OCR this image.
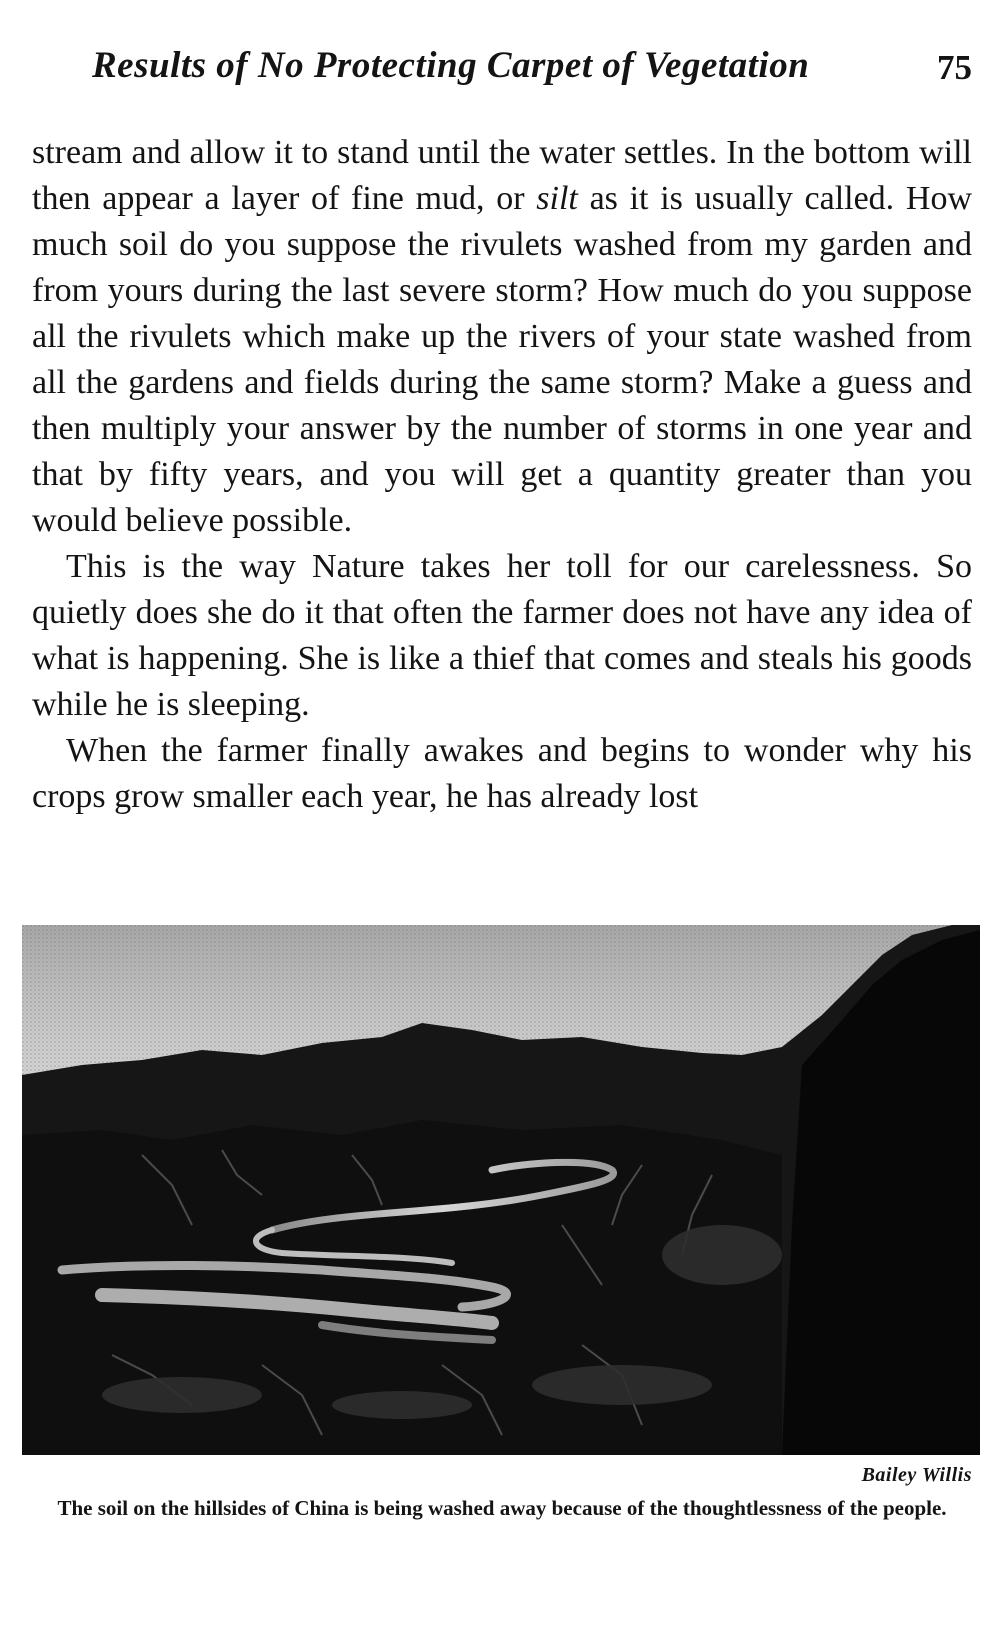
Results of No Protecting Carpet of Vegetation	75

stream and allow it to stand until the water settles. In the bottom will then appear a layer of fine mud, or silt as it is usually called. How much soil do you suppose the rivulets washed from my garden and from yours during the last severe storm? How much do you suppose all the rivulets which make up the rivers of your state washed from all the gardens and fields during the same storm? Make a guess and then multiply your answer by the number of storms in one year and that by fifty years, and you will get a quantity greater than you would believe possible.

This is the way Nature takes her toll for our carelessness. So quietly does she do it that often the farmer does not have any idea of what is happening. She is like a thief that comes and steals his goods while he is sleeping.

When the farmer finally awakes and begins to wonder why his crops grow smaller each year, he has already lost

Bailey Willis
The soil on the hillsides of China is being washed away because of the thoughtlessness of the people.
